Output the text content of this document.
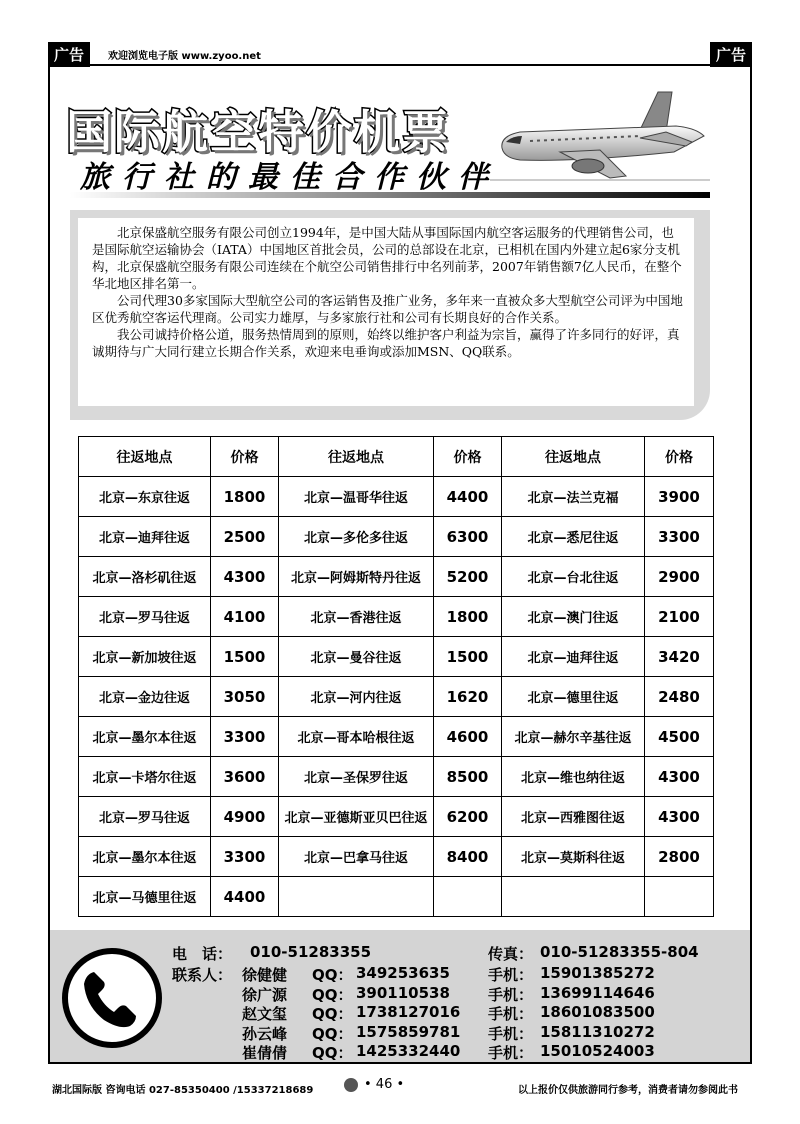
广告	欢迎浏览电子版 www.zyoo.net	广告
国际航空特价机票
旅行社的最佳合作伙伴

北京保盛航空服务有限公司创立1994年，是中国大陆从事国际国内航空客运服务的代理销售公司，也是国际航空运输协会（IATA）中国地区首批会员，公司的总部设在北京，已相机在国内外建立起6家分支机构，北京保盛航空服务有限公司连续在个航空公司销售排行中名列前茅，2007年销售额7亿人民币，在整个华北地区排名第一。

公司代理30多家国际大型航空公司的客运销售及推广业务，多年来一直被众多大型航空公司评为中国地区优秀航空客运代理商。公司实力雄厚，与多家旅行社和公司有长期良好的合作关系。

我公司诚持价格公道，服务热情周到的原则，始终以维护客户利益为宗旨，赢得了许多同行的好评，真诚期待与广大同行建立长期合作关系，欢迎来电垂询或添加MSN、QQ联系。

往返地点	价格	往返地点	价格	往返地点	价格
北京—东京往返	1800	北京—温哥华往返	4400	北京—法兰克福	3900
北京—迪拜往返	2500	北京—多伦多往返	6300	北京—悉尼往返	3300
北京—洛杉矶往返	4300	北京—阿姆斯特丹往返	5200	北京—台北往返	2900
北京—罗马往返	4100	北京—香港往返	1800	北京—澳门往返	2100
北京—新加坡往返	1500	北京—曼谷往返	1500	北京—迪拜往返	3420
北京—金边往返	3050	北京—河内往返	1620	北京—德里往返	2480
北京—墨尔本往返	3300	北京—哥本哈根往返	4600	北京—赫尔辛基往返	4500
北京—卡塔尔往返	3600	北京—圣保罗往返	8500	北京—维也纳往返	4300
北京—罗马往返	4900	北京—亚德斯亚贝巴往返	6200	北京—西雅图往返	4300
北京—墨尔本往返	3300	北京—巴拿马往返	8400	北京—莫斯科往返	2800
北京—马德里往返	4400				
电　话： 010-51283355	传真： 010-51283355-804
联系人： 徐健健 QQ： 349253635	手机： 15901385272
徐广源 QQ： 390110538	手机： 13699114646
赵文玺 QQ： 1738127016 手机： 18601083500
孙云峰 QQ： 1575859781 手机： 15811310272
崔倩倩 QQ： 1425332440 手机： 15010524003
湖北国际版 咨询电话 027-85350400 /15337218689	• 46 •	以上报价仅供旅游同行参考，消费者请勿参阅此书
